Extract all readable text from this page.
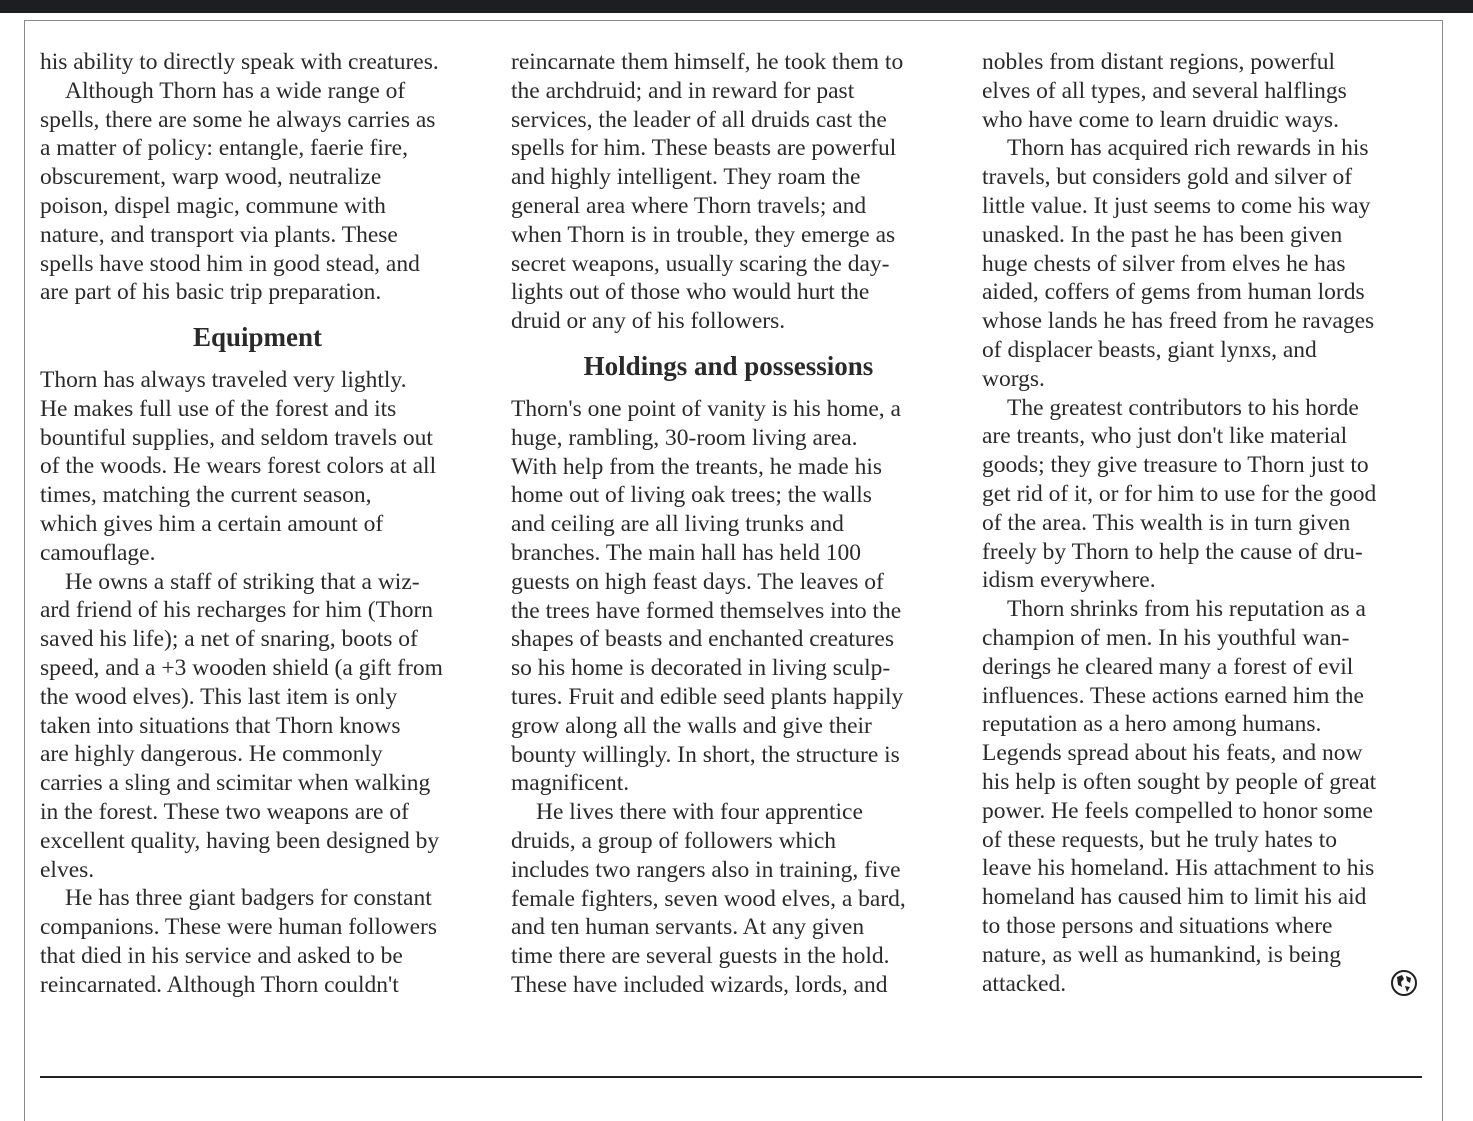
his ability to directly speak with creatures.

Although Thorn has a wide range of

spells, there are some he always carries as

a matter of policy: entangle, faerie fire,

obscurement, warp wood, neutralize

poison, dispel magic, commune with

nature, and transport via plants. These

spells have stood him in good stead, and

are part of his basic trip preparation.

Equipment

Thorn has always traveled very lightly.

He makes full use of the forest and its

bountiful supplies, and seldom travels out

of the woods. He wears forest colors at all

times, matching the current season,

which gives him a certain amount of

camouflage.

He owns a staff of striking that a wiz-

ard friend of his recharges for him (Thorn

saved his life); a net of snaring, boots of

speed, and a +3 wooden shield (a gift from

the wood elves). This last item is only

taken into situations that Thorn knows

are highly dangerous. He commonly

carries a sling and scimitar when walking

in the forest. These two weapons are of

excellent quality, having been designed by

elves.

He has three giant badgers for constant

companions. These were human followers

that died in his service and asked to be

reincarnated. Although Thorn couldn't

reincarnate them himself, he took them to

the archdruid; and in reward for past

services, the leader of all druids cast the

spells for him. These beasts are powerful

and highly intelligent. They roam the

general area where Thorn travels; and

when Thorn is in trouble, they emerge as

secret weapons, usually scaring the day-

lights out of those who would hurt the

druid or any of his followers.

Holdings and possessions

Thorn's one point of vanity is his home, a

huge, rambling, 30-room living area.

With help from the treants, he made his

home out of living oak trees; the walls

and ceiling are all living trunks and

branches. The main hall has held 100

guests on high feast days. The leaves of

the trees have formed themselves into the

shapes of beasts and enchanted creatures

so his home is decorated in living sculp-

tures. Fruit and edible seed plants happily

grow along all the walls and give their

bounty willingly. In short, the structure is

magnificent.

He lives there with four apprentice

druids, a group of followers which

includes two rangers also in training, five

female fighters, seven wood elves, a bard,

and ten human servants. At any given

time there are several guests in the hold.

These have included wizards, lords, and

nobles from distant regions, powerful

elves of all types, and several halflings

who have come to learn druidic ways.

Thorn has acquired rich rewards in his

travels, but considers gold and silver of

little value. It just seems to come his way

unasked. In the past he has been given

huge chests of silver from elves he has

aided, coffers of gems from human lords

whose lands he has freed from he ravages

of displacer beasts, giant lynxs, and

worgs.

The greatest contributors to his horde

are treants, who just don't like material

goods; they give treasure to Thorn just to

get rid of it, or for him to use for the good

of the area. This wealth is in turn given

freely by Thorn to help the cause of dru-

idism everywhere.

Thorn shrinks from his reputation as a

champion of men. In his youthful wan-

derings he cleared many a forest of evil

influences. These actions earned him the

reputation as a hero among humans.

Legends spread about his feats, and now

his help is often sought by people of great

power. He feels compelled to honor some

of these requests, but he truly hates to

leave his homeland. His attachment to his

homeland has caused him to limit his aid

to those persons and situations where

nature, as well as humankind, is being

attacked.
